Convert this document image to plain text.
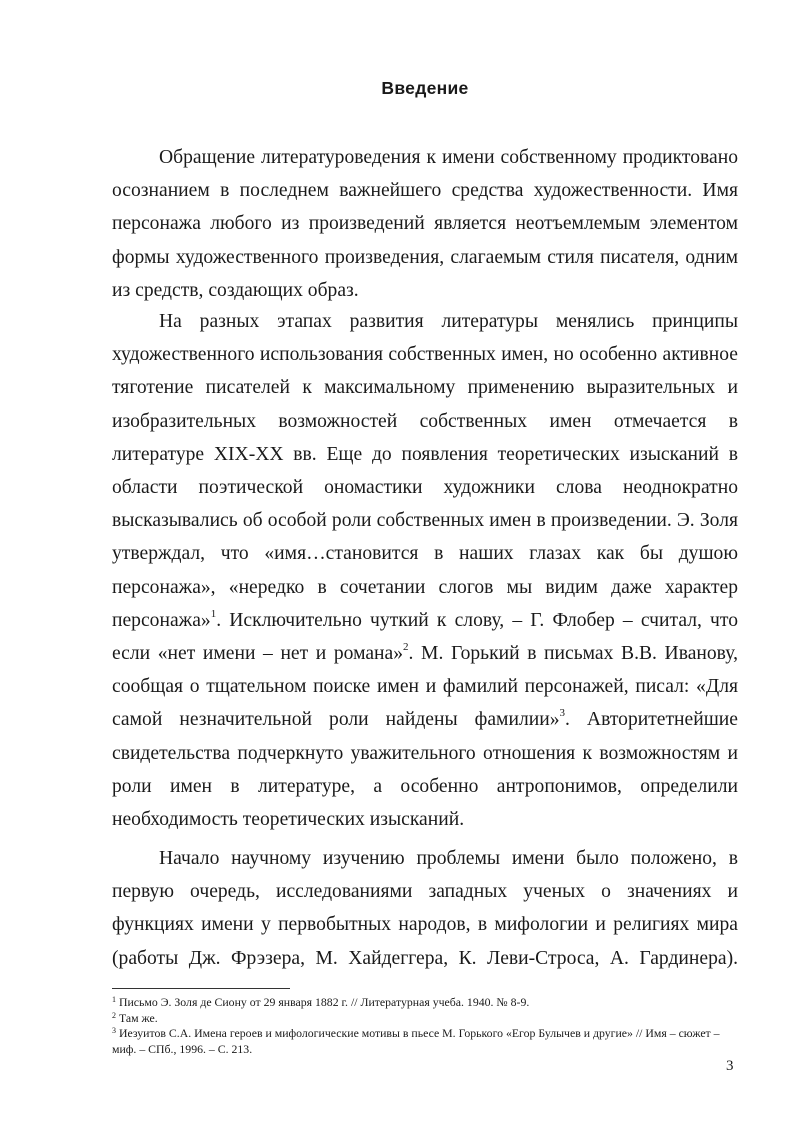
Введение
Обращение литературоведения к имени собственному продиктовано осознанием в последнем важнейшего средства художественности. Имя персонажа любого из произведений является неотъемлемым элементом формы художественного произведения, слагаемым стиля писателя, одним из средств, создающих образ.
На разных этапах развития литературы менялись принципы художественного использования собственных имен, но особенно активное тяготение писателей к максимальному применению выразительных и изобразительных возможностей собственных имен отмечается в литературе XIX-XX вв. Еще до появления теоретических изысканий в области поэтической ономастики художники слова неоднократно высказывались об особой роли собственных имен в произведении. Э. Золя утверждал, что «имя…становится в наших глазах как бы душою персонажа», «нередко в сочетании слогов мы видим даже характер персонажа»$^1$. Исключительно чуткий к слову, – Г. Флобер – считал, что если «нет имени – нет и романа»$^2$. М. Горький в письмах В.В. Иванову, сообщая о тщательном поиске имен и фамилий персонажей, писал: «Для самой незначительной роли найдены фамилии»$^3$. Авторитетнейшие свидетельства подчеркнуто уважительного отношения к возможностям и роли имен в литературе, а особенно антропонимов, определили необходимость теоретических изысканий.
Начало научному изучению проблемы имени было положено, в первую очередь, исследованиями западных ученых о значениях и функциях имени у первобытных народов, в мифологии и религиях мира (работы Дж. Фрэзера, М. Хайдеггера, К. Леви-Строса, А. Гардинера).
$^1$ Письмо Э. Золя де Сиону от 29 января 1882 г. // Литературная учеба. 1940. № 8-9.
$^2$ Там же.
$^3$ Иезуитов С.А. Имена героев и мифологические мотивы в пьесе М. Горького «Егор Булычев и другие» // Имя – сюжет – миф. – СПб., 1996. – С. 213.
3
